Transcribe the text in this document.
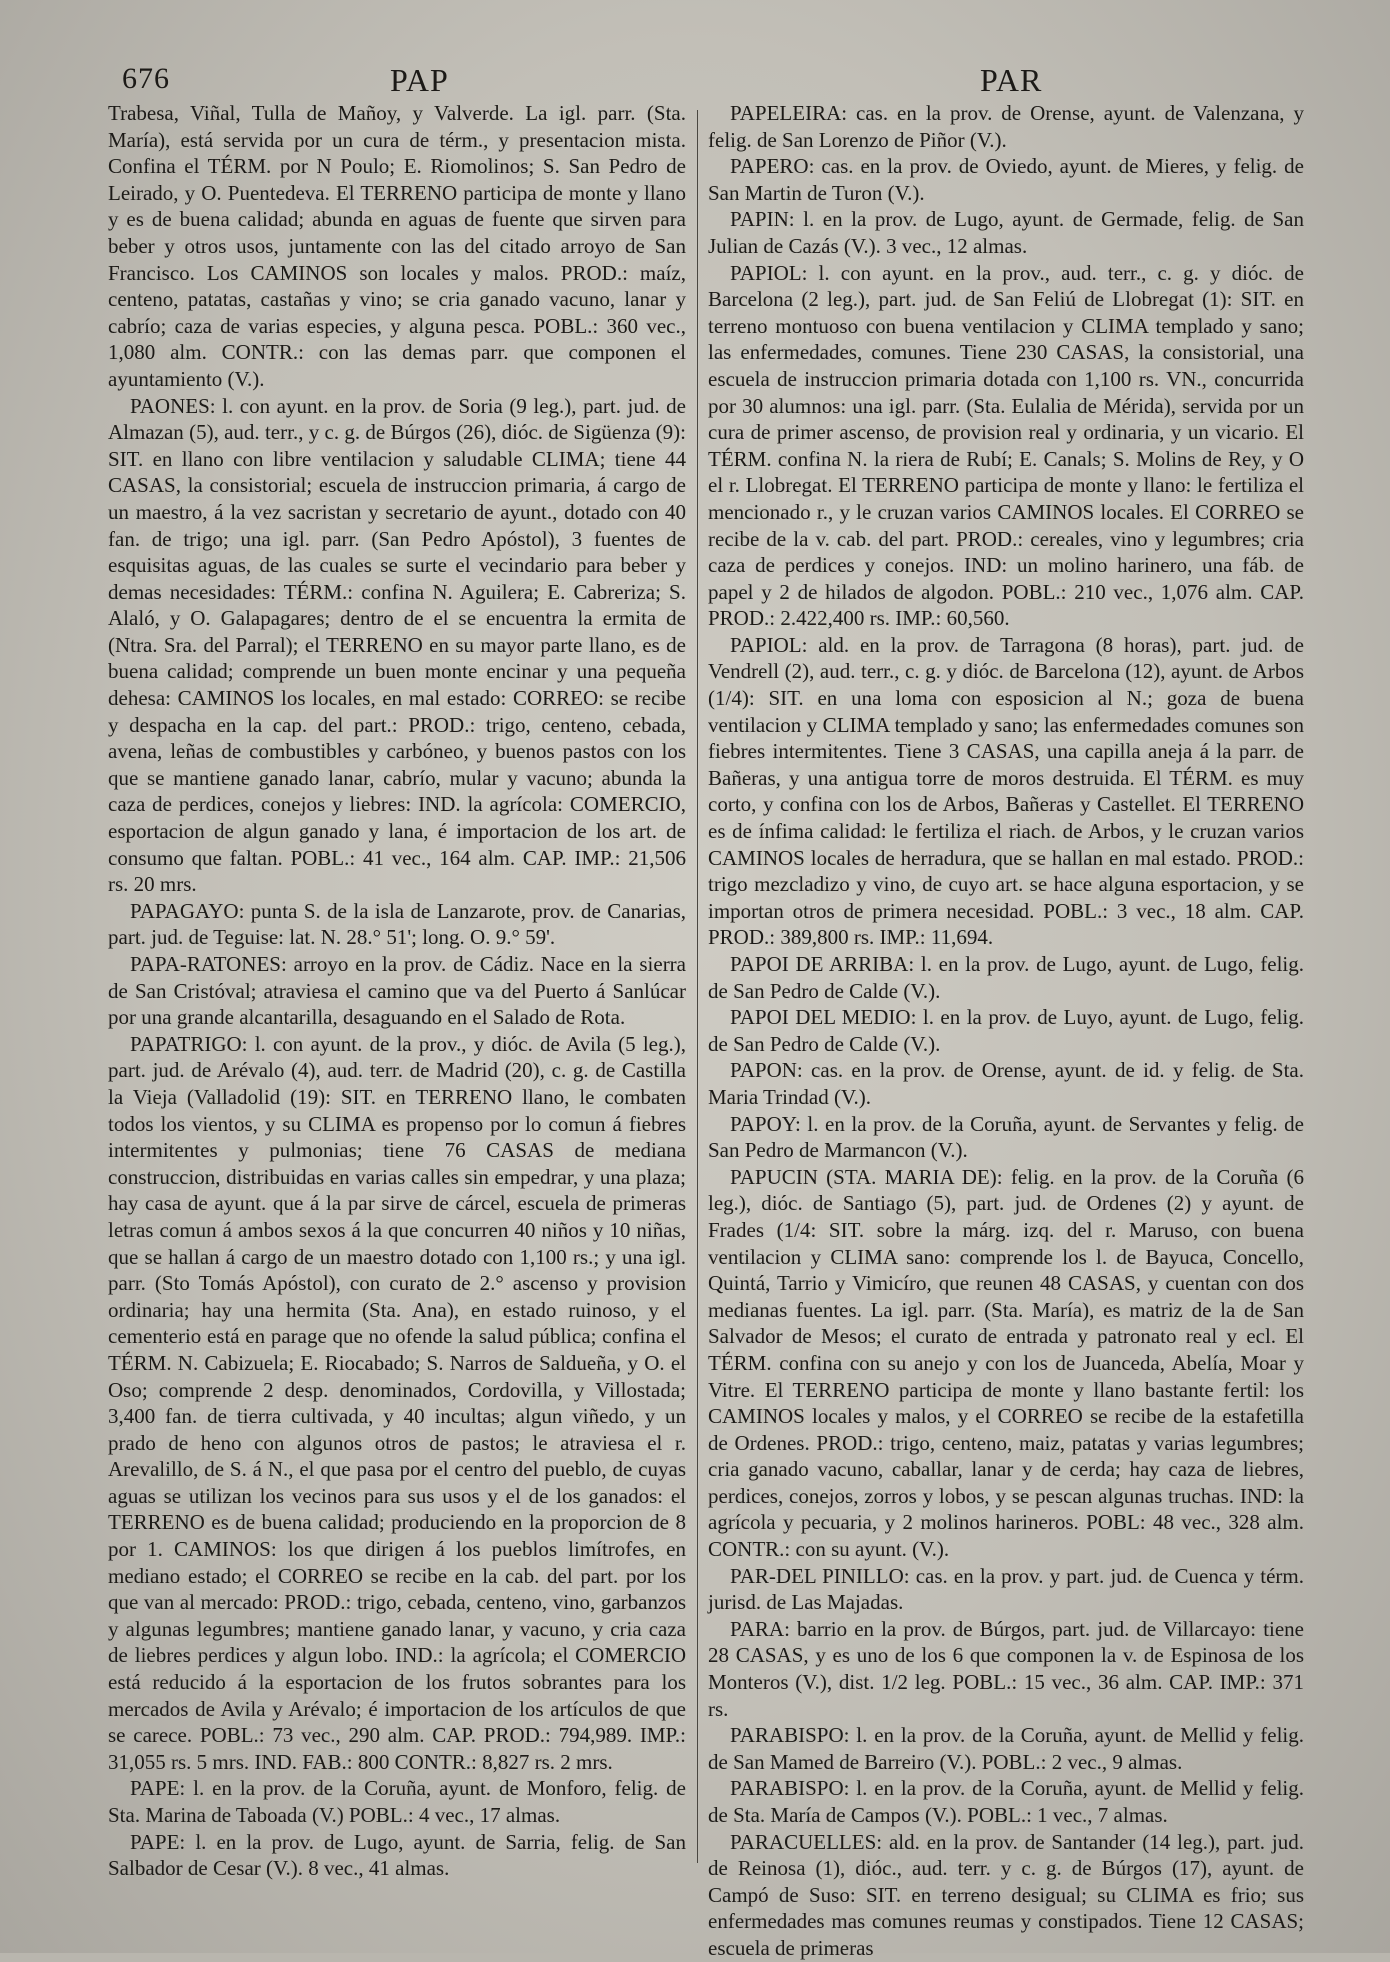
676	PAP	PAR

Trabesa, Viñal, Tulla de Mañoy, y Valverde. La igl. parr. (Sta. María), está servida por un cura de térm., y presentacion mista. Confina el TÉRM. por N Poulo; E. Riomolinos; S. San Pedro de Leirado, y O. Puentedeva. El TERRENO participa de monte y llano y es de buena calidad; abunda en aguas de fuente que sirven para beber y otros usos, juntamente con las del citado arroyo de San Francisco. Los CAMINOS son locales y malos. PROD.: maíz, centeno, patatas, castañas y vino; se cria ganado vacuno, lanar y cabrío; caza de varias especies, y alguna pesca. POBL.: 360 vec., 1,080 alm. CONTR.: con las demas parr. que componen el ayuntamiento (V.).

PAONES: l. con ayunt. en la prov. de Soria (9 leg.), part. jud. de Almazan (5), aud. terr., y c. g. de Búrgos (26), dióc. de Sigüenza (9): SIT. en llano con libre ventilacion y saludable CLIMA; tiene 44 CASAS, la consistorial; escuela de instruccion primaria, á cargo de un maestro, á la vez sacristan y secretario de ayunt., dotado con 40 fan. de trigo; una igl. parr. (San Pedro Apóstol), 3 fuentes de esquisitas aguas, de las cuales se surte el vecindario para beber y demas necesidades: TÉRM.: confina N. Aguilera; E. Cabreriza; S. Alaló, y O. Galapagares; dentro de el se encuentra la ermita de (Ntra. Sra. del Parral); el TERRENO en su mayor parte llano, es de buena calidad; comprende un buen monte encinar y una pequeña dehesa: CAMINOS los locales, en mal estado: CORREO: se recibe y despacha en la cap. del part.: PROD.: trigo, centeno, cebada, avena, leñas de combustibles y carbóneo, y buenos pastos con los que se mantiene ganado lanar, cabrío, mular y vacuno; abunda la caza de perdices, conejos y liebres: IND. la agrícola: COMERCIO, esportacion de algun ganado y lana, é importacion de los art. de consumo que faltan. POBL.: 41 vec., 164 alm. CAP. IMP.: 21,506 rs. 20 mrs.

PAPAGAYO: punta S. de la isla de Lanzarote, prov. de Canarias, part. jud. de Teguise: lat. N. 28.° 51'; long. O. 9.° 59'.

PAPA-RATONES: arroyo en la prov. de Cádiz. Nace en la sierra de San Cristóval; atraviesa el camino que va del Puerto á Sanlúcar por una grande alcantarilla, desaguando en el Salado de Rota.

PAPATRIGO: l. con ayunt. de la prov., y dióc. de Avila (5 leg.), part. jud. de Arévalo (4), aud. terr. de Madrid (20), c. g. de Castilla la Vieja (Valladolid (19): SIT. en TERRENO llano, le combaten todos los vientos, y su CLIMA es propenso por lo comun á fiebres intermitentes y pulmonias; tiene 76 CASAS de mediana construccion, distribuidas en varias calles sin empedrar, y una plaza; hay casa de ayunt. que á la par sirve de cárcel, escuela de primeras letras comun á ambos sexos á la que concurren 40 niños y 10 niñas, que se hallan á cargo de un maestro dotado con 1,100 rs.; y una igl. parr. (Sto Tomás Apóstol), con curato de 2.° ascenso y provision ordinaria; hay una hermita (Sta. Ana), en estado ruinoso, y el cementerio está en parage que no ofende la salud pública; confina el TÉRM. N. Cabizuela; E. Riocabado; S. Narros de Saldueña, y O. el Oso; comprende 2 desp. denominados, Cordovilla, y Villostada; 3,400 fan. de tierra cultivada, y 40 incultas; algun viñedo, y un prado de heno con algunos otros de pastos; le atraviesa el r. Arevalillo, de S. á N., el que pasa por el centro del pueblo, de cuyas aguas se utilizan los vecinos para sus usos y el de los ganados: el TERRENO es de buena calidad; produciendo en la proporcion de 8 por 1. CAMINOS: los que dirigen á los pueblos limítrofes, en mediano estado; el CORREO se recibe en la cab. del part. por los que van al mercado: PROD.: trigo, cebada, centeno, vino, garbanzos y algunas legumbres; mantiene ganado lanar, y vacuno, y cria caza de liebres perdices y algun lobo. IND.: la agrícola; el COMERCIO está reducido á la esportacion de los frutos sobrantes para los mercados de Avila y Arévalo; é importacion de los artículos de que se carece. POBL.: 73 vec., 290 alm. CAP. PROD.: 794,989. IMP.: 31,055 rs. 5 mrs. IND. FAB.: 800 CONTR.: 8,827 rs. 2 mrs.

PAPE: l. en la prov. de la Coruña, ayunt. de Monforo, felig. de Sta. Marina de Taboada (V.) POBL.: 4 vec., 17 almas.

PAPE: l. en la prov. de Lugo, ayunt. de Sarria, felig. de San Salbador de Cesar (V.). 8 vec., 41 almas.

PAPELEIRA: cas. en la prov. de Orense, ayunt. de Valenzana, y felig. de San Lorenzo de Piñor (V.).

PAPERO: cas. en la prov. de Oviedo, ayunt. de Mieres, y felig. de San Martin de Turon (V.).

PAPIN: l. en la prov. de Lugo, ayunt. de Germade, felig. de San Julian de Cazás (V.). 3 vec., 12 almas.

PAPIOL: l. con ayunt. en la prov., aud. terr., c. g. y dióc. de Barcelona (2 leg.), part. jud. de San Feliú de Llobregat (1): SIT. en terreno montuoso con buena ventilacion y CLIMA templado y sano; las enfermedades, comunes. Tiene 230 CASAS, la consistorial, una escuela de instruccion primaria dotada con 1,100 rs. VN., concurrida por 30 alumnos: una igl. parr. (Sta. Eulalia de Mérida), servida por un cura de primer ascenso, de provision real y ordinaria, y un vicario. El TÉRM. confina N. la riera de Rubí; E. Canals; S. Molins de Rey, y O el r. Llobregat. El TERRENO participa de monte y llano: le fertiliza el mencionado r., y le cruzan varios CAMINOS locales. El CORREO se recibe de la v. cab. del part. PROD.: cereales, vino y legumbres; cria caza de perdices y conejos. IND: un molino harinero, una fáb. de papel y 2 de hilados de algodon. POBL.: 210 vec., 1,076 alm. CAP. PROD.: 2.422,400 rs. IMP.: 60,560.

PAPIOL: ald. en la prov. de Tarragona (8 horas), part. jud. de Vendrell (2), aud. terr., c. g. y dióc. de Barcelona (12), ayunt. de Arbos (1/4): SIT. en una loma con esposicion al N.; goza de buena ventilacion y CLIMA templado y sano; las enfermedades comunes son fiebres intermitentes. Tiene 3 CASAS, una capilla aneja á la parr. de Bañeras, y una antigua torre de moros destruida. El TÉRM. es muy corto, y confina con los de Arbos, Bañeras y Castellet. El TERRENO es de ínfima calidad: le fertiliza el riach. de Arbos, y le cruzan varios CAMINOS locales de herradura, que se hallan en mal estado. PROD.: trigo mezcladizo y vino, de cuyo art. se hace alguna esportacion, y se importan otros de primera necesidad. POBL.: 3 vec., 18 alm. CAP. PROD.: 389,800 rs. IMP.: 11,694.

PAPOI DE ARRIBA: l. en la prov. de Lugo, ayunt. de Lugo, felig. de San Pedro de Calde (V.).

PAPOI DEL MEDIO: l. en la prov. de Luyo, ayunt. de Lugo, felig. de San Pedro de Calde (V.).

PAPON: cas. en la prov. de Orense, ayunt. de id. y felig. de Sta. Maria Trindad (V.).

PAPOY: l. en la prov. de la Coruña, ayunt. de Servantes y felig. de San Pedro de Marmancon (V.).

PAPUCIN (STA. MARIA DE): felig. en la prov. de la Coruña (6 leg.), dióc. de Santiago (5), part. jud. de Ordenes (2) y ayunt. de Frades (1/4: SIT. sobre la márg. izq. del r. Maruso, con buena ventilacion y CLIMA sano: comprende los l. de Bayuca, Concello, Quintá, Tarrio y Vimicíro, que reunen 48 CASAS, y cuentan con dos medianas fuentes. La igl. parr. (Sta. María), es matriz de la de San Salvador de Mesos; el curato de entrada y patronato real y ecl. El TÉRM. confina con su anejo y con los de Juanceda, Abelía, Moar y Vitre. El TERRENO participa de monte y llano bastante fertil: los CAMINOS locales y malos, y el CORREO se recibe de la estafetilla de Ordenes. PROD.: trigo, centeno, maiz, patatas y varias legumbres; cria ganado vacuno, caballar, lanar y de cerda; hay caza de liebres, perdices, conejos, zorros y lobos, y se pescan algunas truchas. IND: la agrícola y pecuaria, y 2 molinos harineros. POBL: 48 vec., 328 alm. CONTR.: con su ayunt. (V.).

PAR-DEL PINILLO: cas. en la prov. y part. jud. de Cuenca y térm. jurisd. de Las Majadas.

PARA: barrio en la prov. de Búrgos, part. jud. de Villarcayo: tiene 28 CASAS, y es uno de los 6 que componen la v. de Espinosa de los Monteros (V.), dist. 1/2 leg. POBL.: 15 vec., 36 alm. CAP. IMP.: 371 rs.

PARABISPO: l. en la prov. de la Coruña, ayunt. de Mellid y felig. de San Mamed de Barreiro (V.). POBL.: 2 vec., 9 almas.

PARABISPO: l. en la prov. de la Coruña, ayunt. de Mellid y felig. de Sta. María de Campos (V.). POBL.: 1 vec., 7 almas.

PARACUELLES: ald. en la prov. de Santander (14 leg.), part. jud. de Reinosa (1), dióc., aud. terr. y c. g. de Búrgos (17), ayunt. de Campó de Suso: SIT. en terreno desigual; su CLIMA es frio; sus enfermedades mas comunes reumas y constipados. Tiene 12 CASAS; escuela de primeras
